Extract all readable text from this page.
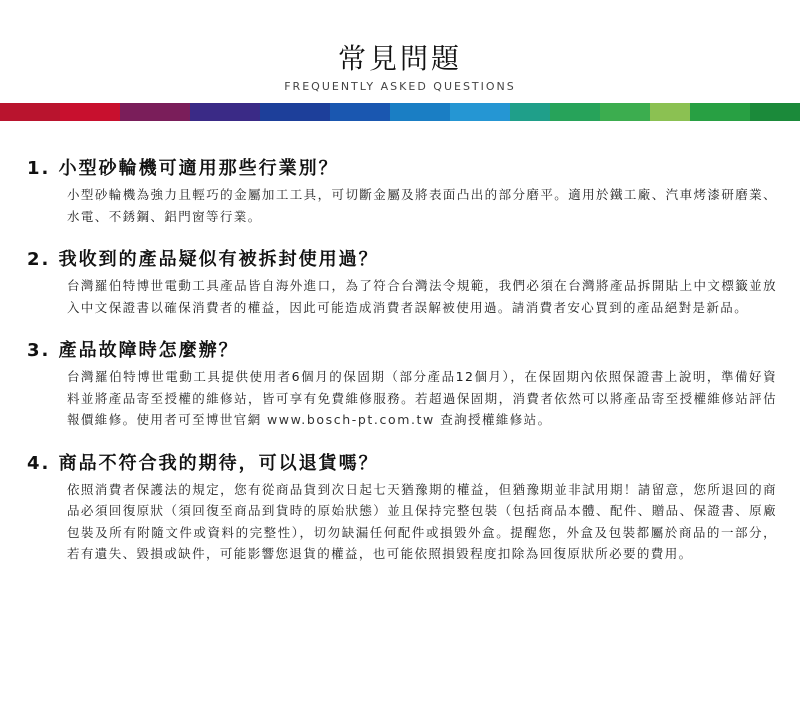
常見問題
FREQUENTLY ASKED QUESTIONS

1. 小型砂輪機可適用那些行業別？

小型砂輪機為強力且輕巧的金屬加工工具，可切斷金屬及將表面凸出的部分磨平。適用於鐵工廠、汽車烤漆研磨業、水電、不銹鋼、鋁門窗等行業。

2. 我收到的產品疑似有被拆封使用過？

台灣羅伯特博世電動工具產品皆自海外進口，為了符合台灣法令規範，我們必須在台灣將產品拆開貼上中文標籤並放入中文保證書以確保消費者的權益，因此可能造成消費者誤解被使用過。請消費者安心買到的產品絕對是新品。

3. 產品故障時怎麼辦？

台灣羅伯特博世電動工具提供使用者6個月的保固期（部分產品12個月），在保固期內依照保證書上說明，準備好資料並將產品寄至授權的維修站，皆可享有免費維修服務。若超過保固期，消費者依然可以將產品寄至授權維修站評估報價維修。使用者可至博世官網 www.bosch-pt.com.tw 查詢授權維修站。

4. 商品不符合我的期待，可以退貨嗎？

依照消費者保護法的規定，您有從商品貨到次日起七天猶豫期的權益，但猶豫期並非試用期！請留意，您所退回的商品必須回復原狀（須回復至商品到貨時的原始狀態）並且保持完整包裝（包括商品本體、配件、贈品、保證書、原廠包裝及所有附隨文件或資料的完整性），切勿缺漏任何配件或損毀外盒。提醒您，外盒及包裝都屬於商品的一部分，若有遺失、毀損或缺件，可能影響您退貨的權益，也可能依照損毀程度扣除為回復原狀所必要的費用。
